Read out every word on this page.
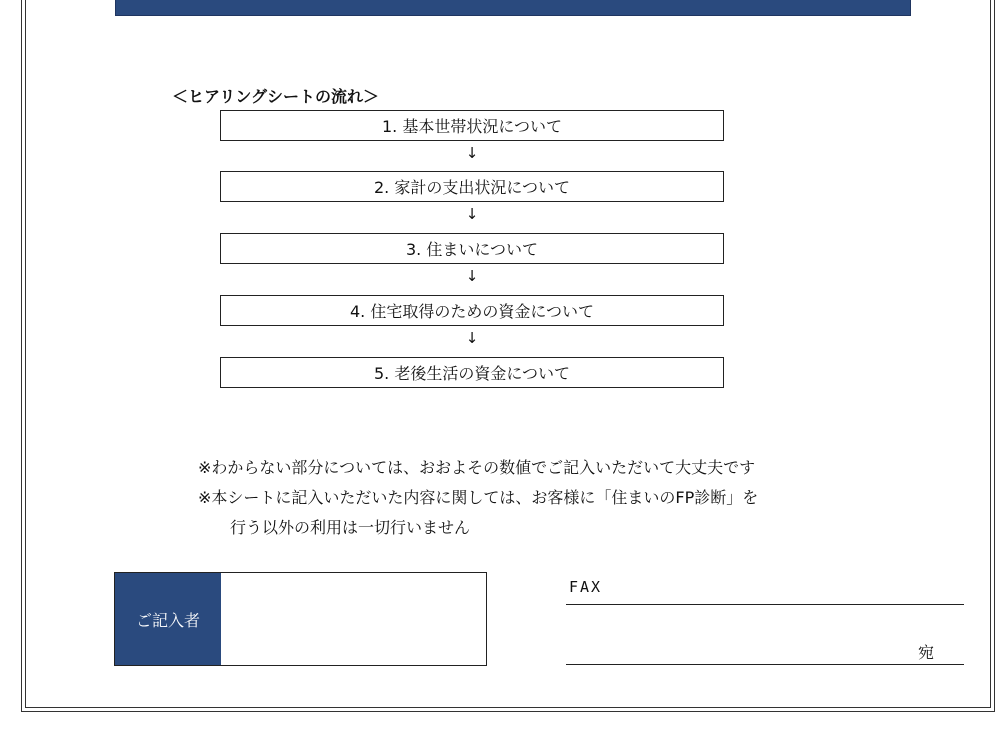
＜ヒアリングシートの流れ＞
1. 基本世帯状況について
↓
2. 家計の支出状況について
↓
3. 住まいについて
↓
4. 住宅取得のための資金について
↓
5. 老後生活の資金について
※わからない部分については、おおよその数値でご記入いただいて大丈夫です
※本シートに記入いただいた内容に関しては、お客様に「住まいのFP診断」を
行う以外の利用は一切行いません
ご記入者
FAX
宛
